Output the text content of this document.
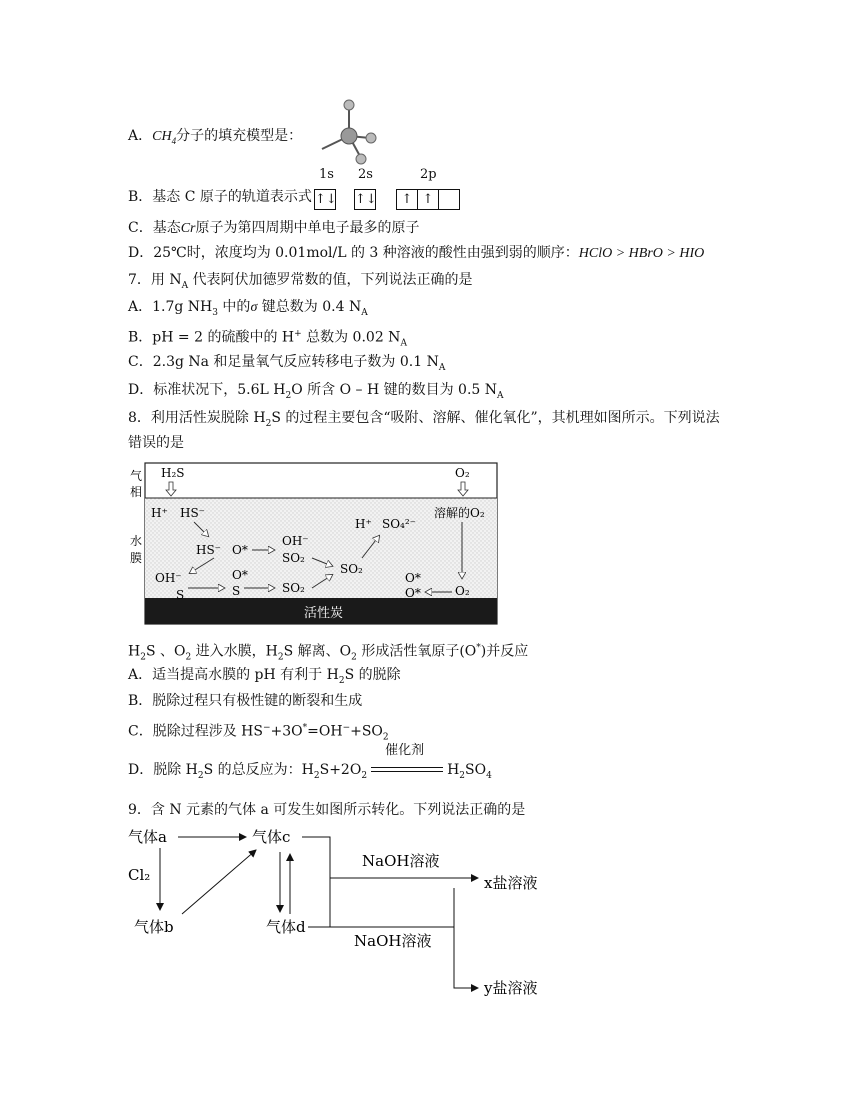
A．$CH_4$分子的填充模型是：
B．基态 C 原子的轨道表示式
1s 2s	2p
↑↓ ↑↓	↑ ↑
C．基态Cr原子为第四周期中单电子最多的原子
D．25℃时，浓度均为 0.01mol/L 的 3 种溶液的酸性由强到弱的顺序：HClO > HBrO > HIO
7．用 $N_A$ 代表阿伏加德罗常数的值，下列说法正确的是
A．1.7g $NH_3$ 中的σ 键总数为 0.4 $N_A$
B．pH = 2 的硫酸中的 H+ 总数为 0.02 $N_A$
C．2.3g Na 和足量氧气反应转移电子数为 0.1 $N_A$
D．标准状况下，5.6L $H_2O$ 所含 O – H 键的数目为 0.5 $N_A$
8．利用活性炭脱除 $H_2S$ 的过程主要包含“吸附、溶解、催化氧化”，其机理如图所示。下列说法
错误的是
气
相
水
膜
活性炭
H₂S	O₂
H⁺ HS⁻
HS⁻ O*
OH⁻
SO₂
SO₂
SO₂
H⁺ SO₄²⁻
溶解的O₂
OH⁻
S
O*
S
O*
O*	O₂
$H_2S$ 、$O_2$ 进入水膜，$H_2S$ 解离、$O_2$ 形成活性氧原子(O*)并反应
A．适当提高水膜的 pH 有利于 $H_2S$ 的脱除
B．脱除过程只有极性键的断裂和生成
C．脱除过程涉及 $HS^-+3O^*=OH^-+SO_2$
D．脱除 $H_2S$ 的总反应为：$H_2S+2O_2$
催化剂
$H_2SO_4$
9．含 N 元素的气体 a 可发生如图所示转化。下列说法正确的是
气体a	气体c
气体b	气体d
Cl₂
NaOH溶液
NaOH溶液
x盐溶液
y盐溶液
